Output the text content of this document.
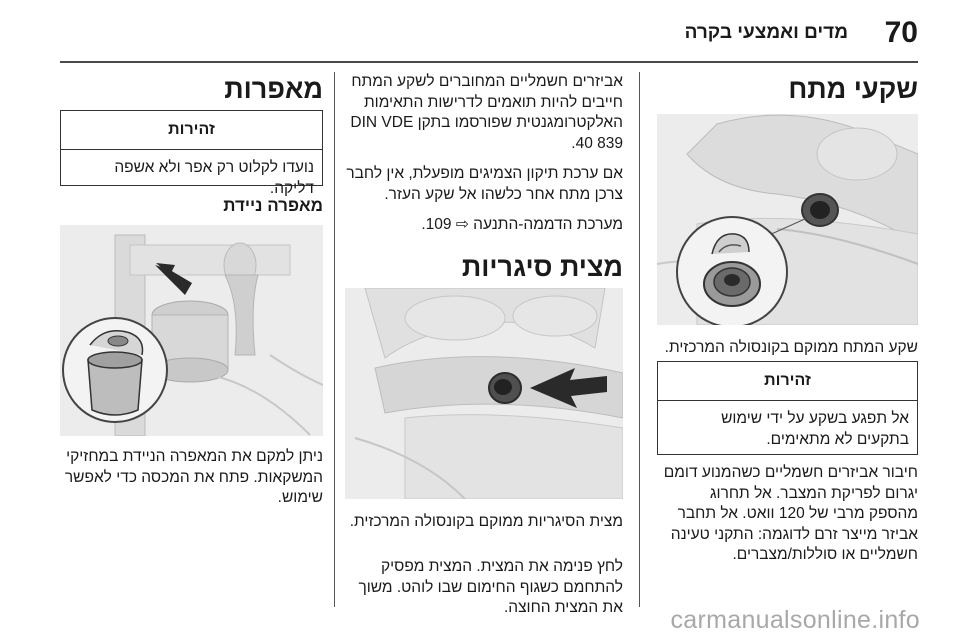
70
מדים ואמצעי בקרה
שקעי מתח
שקע המתח ממוקם בקונסולה המרכזית.
זהירות
אל תפגע בשקע על ידי שימוש בתקעים לא מתאימים.
חיבור אביזרים חשמליים כשהמנוע דומם יגרום לפריקת המצבר. אל תחרוג מהספק מרבי של 120 וואט. אל תחבר אביזר מייצר זרם לדוגמה: התקני טעינה חשמליים או סוללות/מצברים.

אביזרים חשמליים המחוברים לשקע המתח חייבים להיות תואמים לדרישות התאימות האלקטרומגנטית שפורסמו בתקן DIN VDE 40 839.

אם ערכת תיקון הצמיגים מופעלת, אין לחבר צרכן מתח אחר כלשהו אל שקע העזר.

מערכת הדממה-התנעה ⇨ 109.

מצית סיגריות
מצית הסיגריות ממוקם בקונסולה המרכזית.
לחץ פנימה את המצית. המצית מפסיק להתחמם כשגוף החימום שבו לוהט. משוך את המצית החוצה.
מאפרות
זהירות
נועדו לקלוט רק אפר ולא אשפה דליקה.
מאפרה ניידת
ניתן למקם את המאפרה הניידת במחזיקי המשקאות. פתח את המכסה כדי לאפשר שימוש.
carmanualsonline.info
